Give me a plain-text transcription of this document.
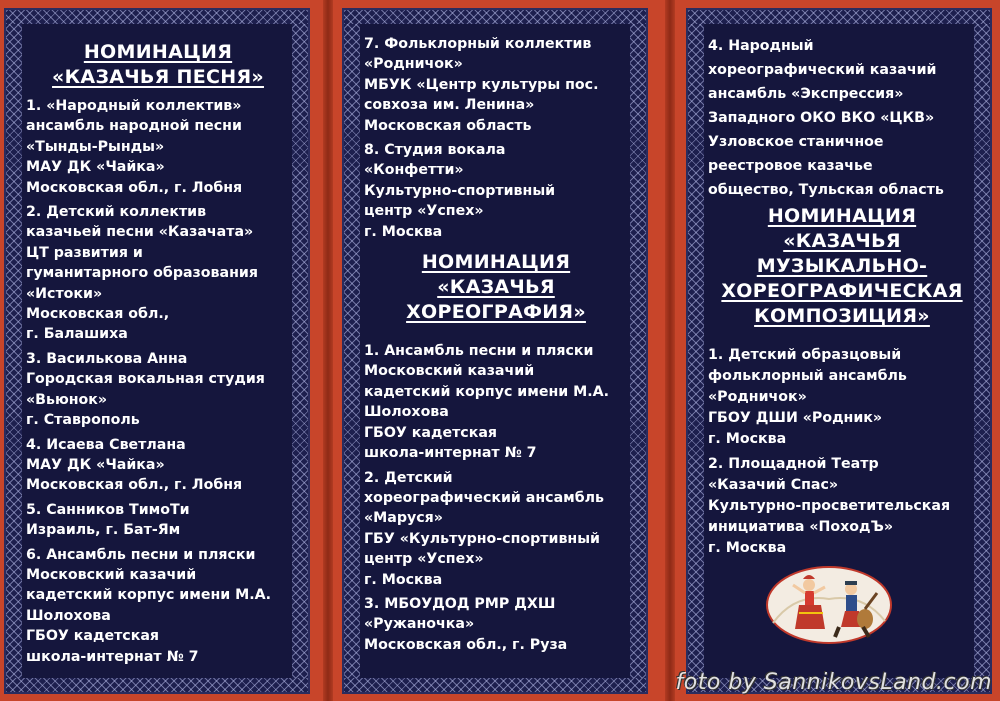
НОМИНАЦИЯ
«КАЗАЧЬЯ ПЕСНЯ»
1. «Народный коллектив»
ансамбль народной песни
«Тынды-Рынды»
МАУ ДК «Чайка»
Московская обл., г. Лобня
2. Детский коллектив
казачьей песни «Казачата»
ЦТ развития и
гуманитарного образования
«Истоки»
Московская обл.,
г. Балашиха
3. Василькова Анна
Городская вокальная студия
«Вьюнок»
г. Ставрополь
4. Исаева Светлана
МАУ ДК «Чайка»
Московская обл., г. Лобня
5. Санников ТимоТи
Израиль, г. Бат-Ям
6. Ансамбль песни и пляски
Московский казачий
кадетский корпус имени М.А.
Шолохова
ГБОУ кадетская
школа-интернат № 7
7. Фольклорный коллектив
«Родничок»
МБУК «Центр культуры пос.
совхоза им. Ленина»
Московская область
8. Студия вокала
«Конфетти»
Культурно-спортивный
центр «Успех»
г. Москва
НОМИНАЦИЯ
«КАЗАЧЬЯ
ХОРЕОГРАФИЯ»
1. Ансамбль песни и пляски
Московский казачий
кадетский корпус имени М.А.
Шолохова
ГБОУ кадетская
школа-интернат № 7
2. Детский
хореографический ансамбль
«Маруся»
ГБУ «Культурно-спортивный
центр «Успех»
г. Москва
3. МБОУДОД РМР ДХШ
«Ружаночка»
Московская обл., г. Руза
4. Народный
хореографический казачий
ансамбль «Экспрессия»
Западного ОКО ВКО «ЦКВ»
Узловское станичное
реестровое казачье
общество, Тульская область
НОМИНАЦИЯ
«КАЗАЧЬЯ
МУЗЫКАЛЬНО-
ХОРЕОГРАФИЧЕСКАЯ
КОМПОЗИЦИЯ»
1. Детский образцовый
фольклорный ансамбль
«Родничок»
ГБОУ ДШИ «Родник»
г. Москва
2. Площадной Театр
«Казачий Спас»
Культурно-просветительская
инициатива «ПоходЪ»
г. Москва
foto by SannikovsLand.com
